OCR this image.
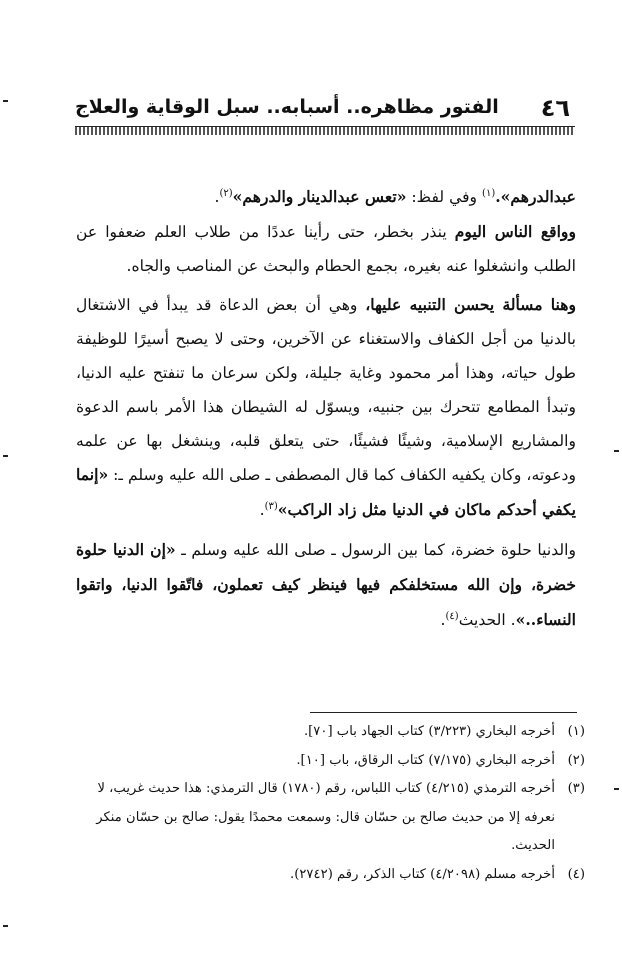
٤٦
الفتور مظاهره.. أسبابه.. سبل الوقاية والعلاج

عبدالدرهم».$^{(١)}$ وفي لفظ: «تعس عبدالدينار والدرهم»$^{(٢)}$.

وواقع الناس اليوم ينذر بخطر، حتى رأينا عددًا من طلاب العلم ضعفوا عن الطلب وانشغلوا عنه بغيره، بجمع الحطام والبحث عن المناصب والجاه.

وهنا مسألة يحسن التنبيه عليها، وهي أن بعض الدعاة قد يبدأ في الاشتغال بالدنيا من أجل الكفاف والاستغناء عن الآخرين، وحتى لا يصبح أسيرًا للوظيفة طول حياته، وهذا أمر محمود وغاية جليلة، ولكن سرعان ما تنفتح عليه الدنيا، وتبدأ المطامع تتحرك بين جنبيه، ويسوّل له الشيطان هذا الأمر باسم الدعوة والمشاريع الإسلامية، وشيئًا فشيئًا، حتى يتعلق قلبه، وينشغل بها عن علمه ودعوته، وكان يكفيه الكفاف كما قال المصطفى ـ صلى الله عليه وسلم ـ: «إنما يكفي أحدكم ماكان في الدنيا مثل زاد الراكب»$^{(٣)}$.

والدنيا حلوة خضرة، كما بين الرسول ـ صلى الله عليه وسلم ـ «إن الدنيا حلوة خضرة، وإن الله مستخلفكم فيها فينظر كيف تعملون، فاتّقوا الدنيا، واتقوا النساء..». الحديث$^{(٤)}$.

(١)
أخرجه البخاري (٣/٢٢٣) كتاب الجهاد باب [٧٠].

(٢)
أخرجه البخاري (٧/١٧٥) كتاب الرقاق، باب [١٠].

(٣)
أخرجه الترمذي (٤/٢١٥) كتاب اللباس، رقم (١٧٨٠) قال الترمذي: هذا حديث غريب، لا نعرفه إلا من حديث صالح بن حسّان قال: وسمعت محمدًا يقول: صالح بن حسّان منكر الحديث.

(٤)
أخرجه مسلم (٤/٢٠٩٨) كتاب الذكر، رقم (٢٧٤٢).
